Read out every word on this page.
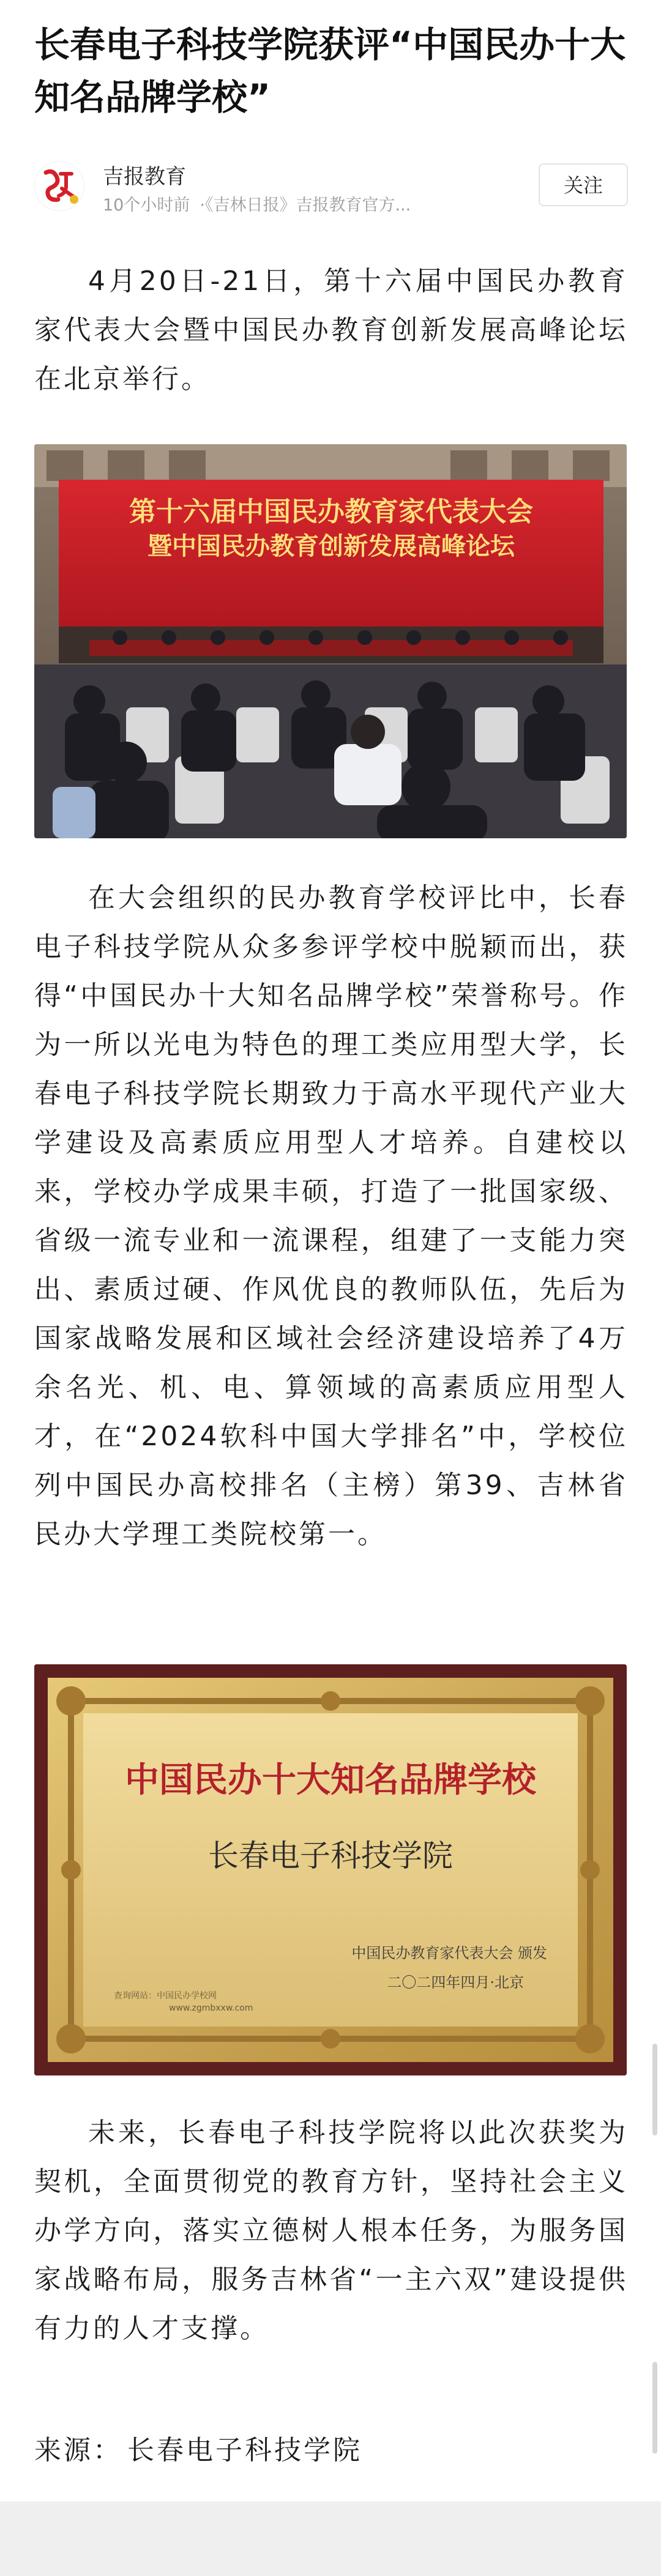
长春电子科技学院获评“中国民办十大知名品牌学校”
吉报教育
10个小时前 ·《吉林日报》吉报教育官方...
关注

4月20日-21日，第十六届中国民办教育家代表大会暨中国民办教育创新发展高峰论坛在北京举行。

第十六届中国民办教育家代表大会
暨中国民办教育创新发展高峰论坛

在大会组织的民办教育学校评比中，长春电子科技学院从众多参评学校中脱颖而出，获得“中国民办十大知名品牌学校”荣誉称号。作为一所以光电为特色的理工类应用型大学，长春电子科技学院长期致力于高水平现代产业大学建设及高素质应用型人才培养。自建校以来，学校办学成果丰硕，打造了一批国家级、省级一流专业和一流课程，组建了一支能力突出、素质过硬、作风优良的教师队伍，先后为国家战略发展和区域社会经济建设培养了4万余名光、机、电、算领域的高素质应用型人才，在“2024软科中国大学排名”中，学校位列中国民办高校排名（主榜）第39、吉林省民办大学理工类院校第一。

中国民办十大知名品牌学校
长春电子科技学院
中国民办教育家代表大会 颁发
二〇二四年四月·北京
查询网站：中国民办学校网
www.zgmbxxw.com

未来，长春电子科技学院将以此次获奖为契机，全面贯彻党的教育方针，坚持社会主义办学方向，落实立德树人根本任务，为服务国家战略布局，服务吉林省“一主六双”建设提供有力的人才支撑。

来源： 长春电子科技学院
